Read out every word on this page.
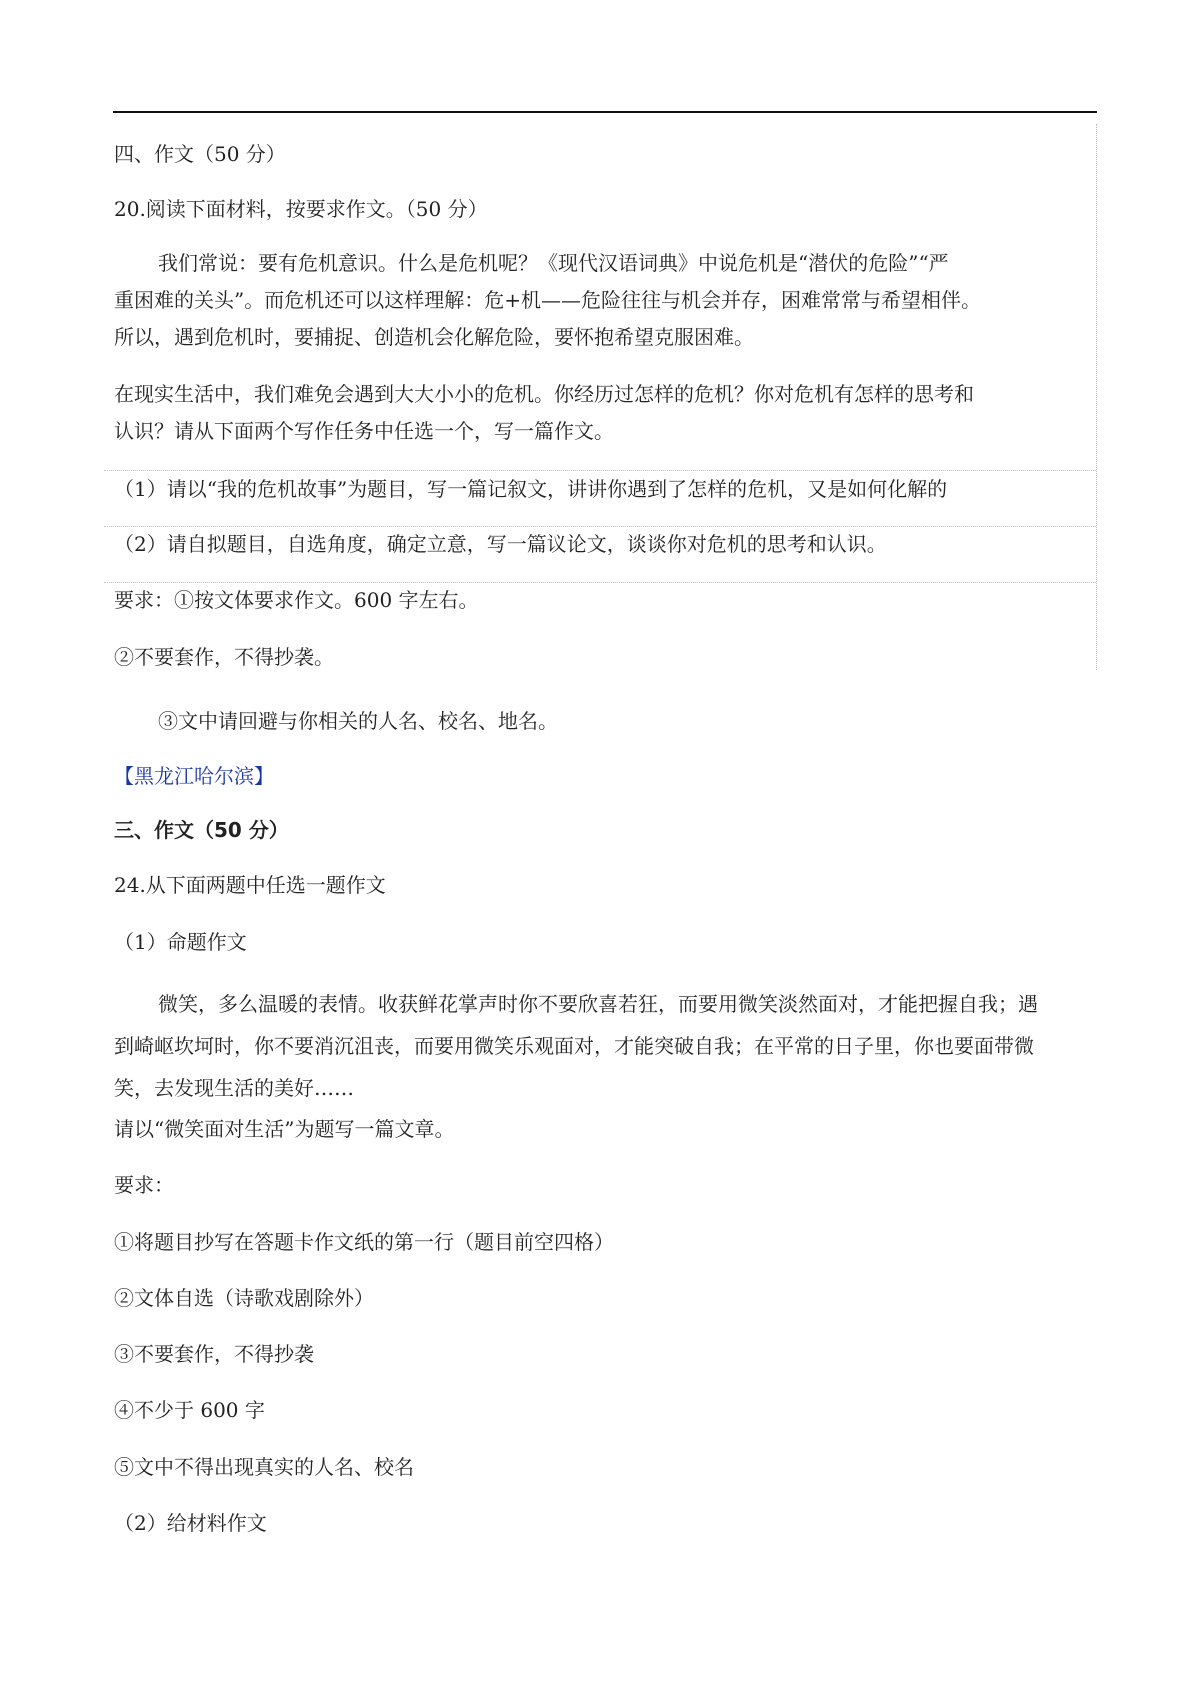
四、作文（50 分）
20.阅读下面材料，按要求作文。（50 分）
我们常说：要有危机意识。什么是危机呢？《现代汉语词典》中说危机是“潜伏的危险”“严
重困难的关头”。而危机还可以这样理解：危+机——危险往往与机会并存，困难常常与希望相伴。
所以，遇到危机时，要捕捉、创造机会化解危险，要怀抱希望克服困难。
在现实生活中，我们难免会遇到大大小小的危机。你经历过怎样的危机？你对危机有怎样的思考和
认识？请从下面两个写作任务中任选一个，写一篇作文。
（1）请以“我的危机故事”为题目，写一篇记叙文，讲讲你遇到了怎样的危机，又是如何化解的
（2）请自拟题目，自选角度，确定立意，写一篇议论文，谈谈你对危机的思考和认识。
要求：①按文体要求作文。600 字左右。
②不要套作，不得抄袭。
③文中请回避与你相关的人名、校名、地名。
【黑龙江哈尔滨】
三、作文（50 分）
24.从下面两题中任选一题作文
（1）命题作文
微笑，多么温暖的表情。收获鲜花掌声时你不要欣喜若狂，而要用微笑淡然面对，才能把握自我；遇
到崎岖坎坷时，你不要消沉沮丧，而要用微笑乐观面对，才能突破自我；在平常的日子里，你也要面带微
笑，去发现生活的美好……
请以“微笑面对生活”为题写一篇文章。
要求：
①将题目抄写在答题卡作文纸的第一行（题目前空四格）
②文体自选（诗歌戏剧除外）
③不要套作，不得抄袭
④不少于 600 字
⑤文中不得出现真实的人名、校名
（2）给材料作文
